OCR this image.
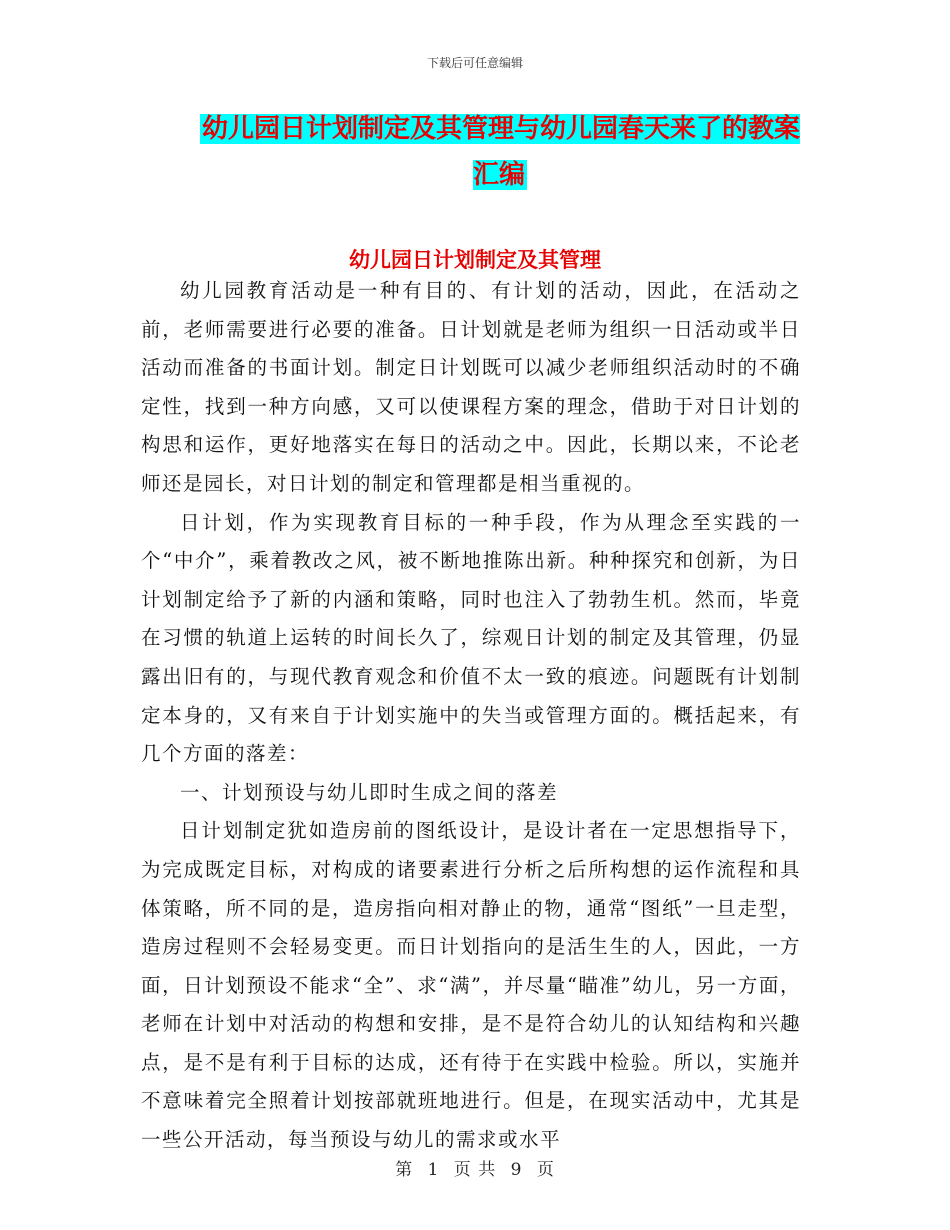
下载后可任意编辑
幼儿园日计划制定及其管理与幼儿园春天来了的教案汇编
幼儿园日计划制定及其管理

幼儿园教育活动是一种有目的、有计划的活动，因此，在活动之前，老师需要进行必要的准备。日计划就是老师为组织一日活动或半日活动而准备的书面计划。制定日计划既可以减少老师组织活动时的不确定性，找到一种方向感，又可以使课程方案的理念，借助于对日计划的构思和运作，更好地落实在每日的活动之中。因此，长期以来，不论老师还是园长，对日计划的制定和管理都是相当重视的。

日计划，作为实现教育目标的一种手段，作为从理念至实践的一个“中介”，乘着教改之风，被不断地推陈出新。种种探究和创新，为日计划制定给予了新的内涵和策略，同时也注入了勃勃生机。然而，毕竟在习惯的轨道上运转的时间长久了，综观日计划的制定及其管理，仍显露出旧有的，与现代教育观念和价值不太一致的痕迹。问题既有计划制定本身的，又有来自于计划实施中的失当或管理方面的。概括起来，有几个方面的落差：

一、计划预设与幼儿即时生成之间的落差

日计划制定犹如造房前的图纸设计，是设计者在一定思想指导下，为完成既定目标，对构成的诸要素进行分析之后所构想的运作流程和具体策略，所不同的是，造房指向相对静止的物，通常“图纸”一旦走型，造房过程则不会轻易变更。而日计划指向的是活生生的人，因此，一方面，日计划预设不能求“全”、求“满”，并尽量“瞄准”幼儿，另一方面，老师在计划中对活动的构想和安排，是不是符合幼儿的认知结构和兴趣点，是不是有利于目标的达成，还有待于在实践中检验。所以，实施并不意味着完全照着计划按部就班地进行。但是，在现实活动中，尤其是一些公开活动，每当预设与幼儿的需求或水平

第 1 页 共 9 页
